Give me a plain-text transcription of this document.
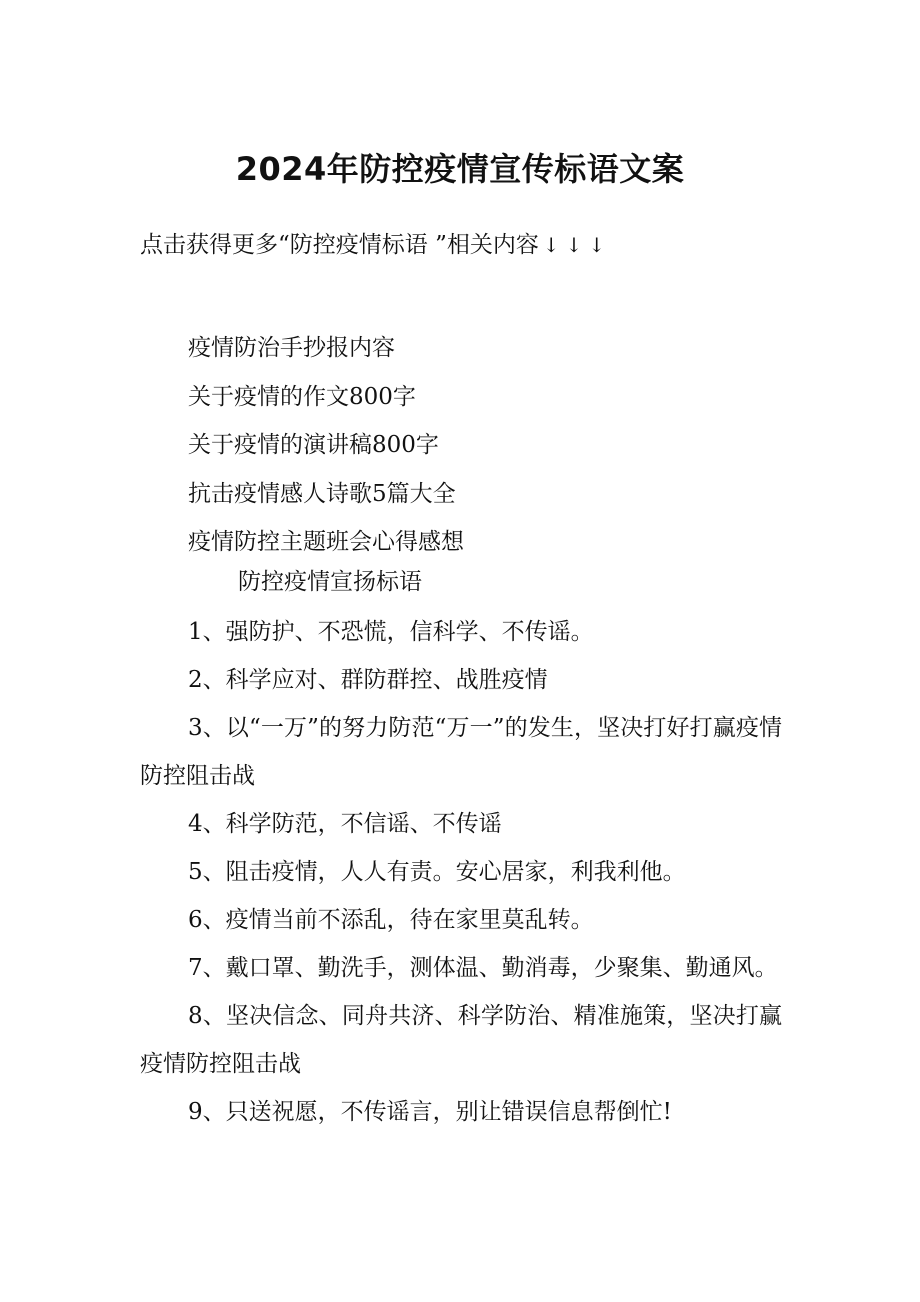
2024年防控疫情宣传标语文案
点击获得更多“防控疫情标语 ”相关内容 ↓↓↓
疫情防治手抄报内容
关于疫情的作文800字
关于疫情的演讲稿800字
抗击疫情感人诗歌5篇大全
疫情防控主题班会心得感想
防控疫情宣扬标语
1、强防护、不恐慌，信科学、不传谣。
2、科学应对、群防群控、战胜疫情
3、以“一万”的努力防范“万一”的发生，坚决打好打赢疫情防控阻击战
4、科学防范，不信谣、不传谣
5、阻击疫情，人人有责。安心居家，利我利他。
6、疫情当前不添乱，待在家里莫乱转。
7、戴口罩、勤洗手，测体温、勤消毒，少聚集、勤通风。
8、坚决信念、同舟共济、科学防治、精准施策，坚决打赢疫情防控阻击战
9、只送祝愿，不传谣言，别让错误信息帮倒忙!
